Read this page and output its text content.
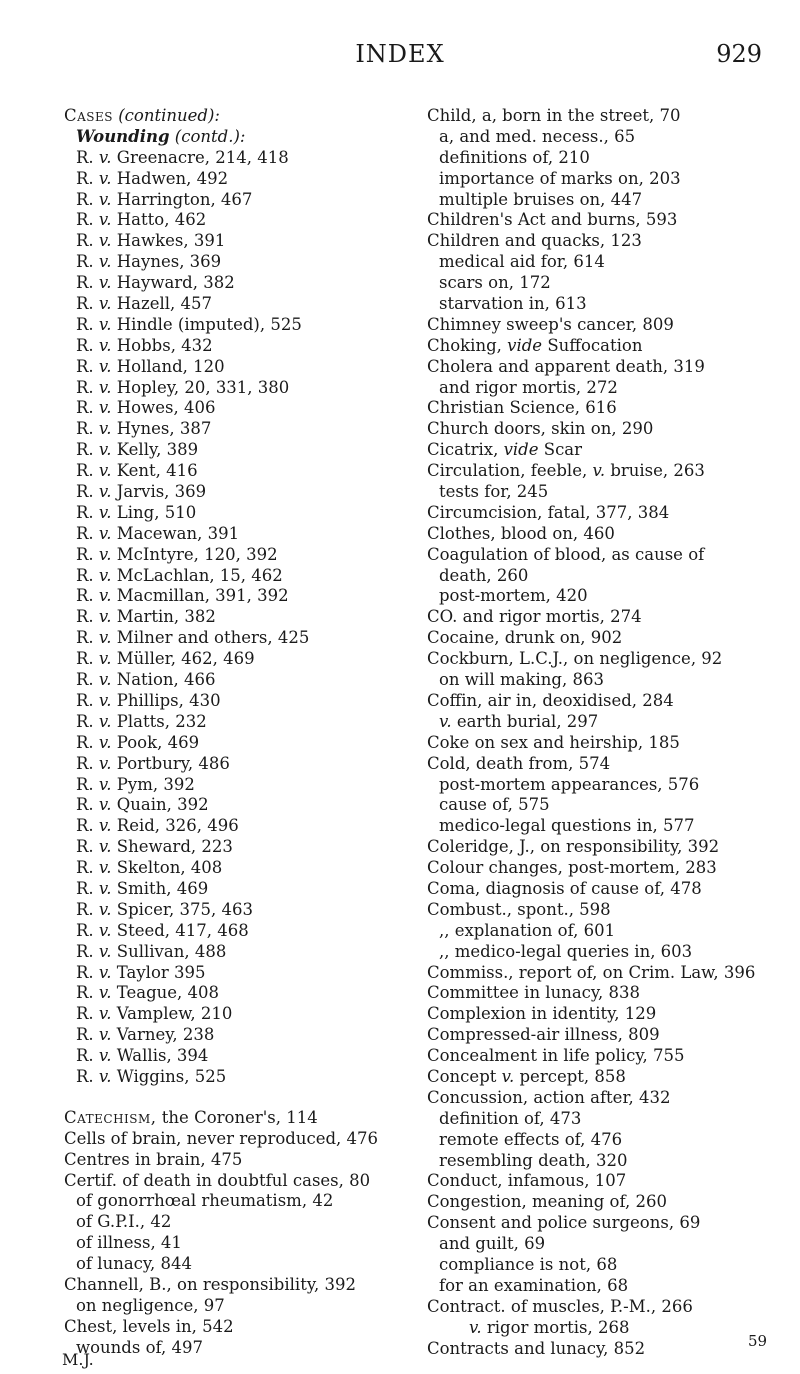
INDEX	929
Cases (continued):
Wounding (contd.):
R. v. Greenacre, 214, 418
R. v. Hadwen, 492
R. v. Harrington, 467
R. v. Hatto, 462
R. v. Hawkes, 391
R. v. Haynes, 369
R. v. Hayward, 382
R. v. Hazell, 457
R. v. Hindle (imputed), 525
R. v. Hobbs, 432
R. v. Holland, 120
R. v. Hopley, 20, 331, 380
R. v. Howes, 406
R. v. Hynes, 387
R. v. Kelly, 389
R. v. Kent, 416
R. v. Jarvis, 369
R. v. Ling, 510
R. v. Macewan, 391
R. v. McIntyre, 120, 392
R. v. McLachlan, 15, 462
R. v. Macmillan, 391, 392
R. v. Martin, 382
R. v. Milner and others, 425
R. v. Müller, 462, 469
R. v. Nation, 466
R. v. Phillips, 430
R. v. Platts, 232
R. v. Pook, 469
R. v. Portbury, 486
R. v. Pym, 392
R. v. Quain, 392
R. v. Reid, 326, 496
R. v. Sheward, 223
R. v. Skelton, 408
R. v. Smith, 469
R. v. Spicer, 375, 463
R. v. Steed, 417, 468
R. v. Sullivan, 488
R. v. Taylor 395
R. v. Teague, 408
R. v. Vamplew, 210
R. v. Varney, 238
R. v. Wallis, 394
R. v. Wiggins, 525
Catechism, the Coroner's, 114
Cells of brain, never reproduced, 476
Centres in brain, 475
Certif. of death in doubtful cases, 80
of gonorrhœal rheumatism, 42
of G.P.I., 42
of illness, 41
of lunacy, 844
Channell, B., on responsibility, 392
on negligence, 97
Chest, levels in, 542
wounds of, 497
Child, a, born in the street, 70
a, and med. necess., 65
definitions of, 210
importance of marks on, 203
multiple bruises on, 447
Children's Act and burns, 593
Children and quacks, 123
medical aid for, 614
scars on, 172
starvation in, 613
Chimney sweep's cancer, 809
Choking, vide Suffocation
Cholera and apparent death, 319
and rigor mortis, 272
Christian Science, 616
Church doors, skin on, 290
Cicatrix, vide Scar
Circulation, feeble, v. bruise, 263
tests for, 245
Circumcision, fatal, 377, 384
Clothes, blood on, 460
Coagulation of blood, as cause of
death, 260
post-mortem, 420
CO. and rigor mortis, 274
Cocaine, drunk on, 902
Cockburn, L.C.J., on negligence, 92
on will making, 863
Coffin, air in, deoxidised, 284
v. earth burial, 297
Coke on sex and heirship, 185
Cold, death from, 574
post-mortem appearances, 576
cause of, 575
medico-legal questions in, 577
Coleridge, J., on responsibility, 392
Colour changes, post-mortem, 283
Coma, diagnosis of cause of, 478
Combust., spont., 598
,, explanation of, 601
,, medico-legal queries in, 603
Commiss., report of, on Crim. Law, 396
Committee in lunacy, 838
Complexion in identity, 129
Compressed-air illness, 809
Concealment in life policy, 755
Concept v. percept, 858
Concussion, action after, 432
definition of, 473
remote effects of, 476
resembling death, 320
Conduct, infamous, 107
Congestion, meaning of, 260
Consent and police surgeons, 69
and guilt, 69
compliance is not, 68
for an examination, 68
Contract. of muscles, P.-M., 266
v. rigor mortis, 268
Contracts and lunacy, 852
M.J.
59
